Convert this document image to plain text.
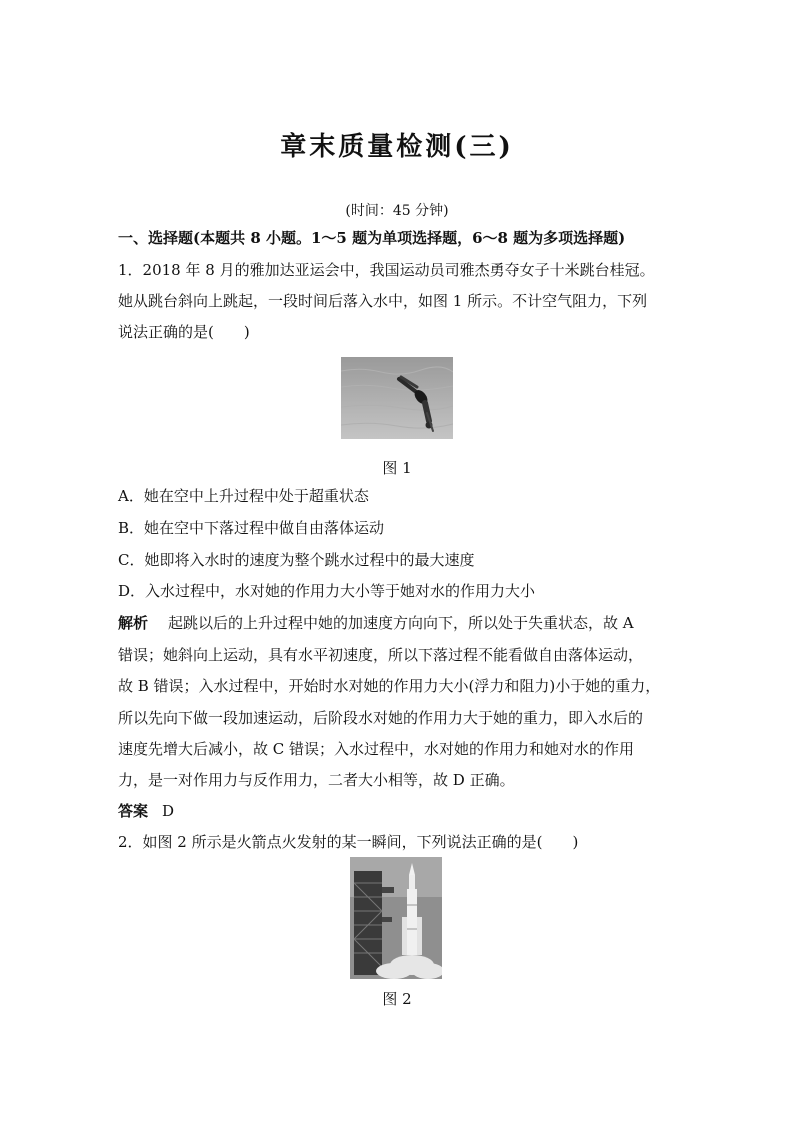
章末质量检测(三)
(时间：45 分钟)
一、选择题(本题共 8 小题。1～5 题为单项选择题，6～8 题为多项选择题)
1．2018 年 8 月的雅加达亚运会中，我国运动员司雅杰勇夺女子十米跳台桂冠。
她从跳台斜向上跳起，一段时间后落入水中，如图 1 所示。不计空气阻力，下列
说法正确的是(　　)
图 1
A．她在空中上升过程中处于超重状态
B．她在空中下落过程中做自由落体运动
C．她即将入水时的速度为整个跳水过程中的最大速度
D．入水过程中，水对她的作用力大小等于她对水的作用力大小
解析 起跳以后的上升过程中她的加速度方向向下，所以处于失重状态，故 A
错误；她斜向上运动，具有水平初速度，所以下落过程不能看做自由落体运动，
故 B 错误；入水过程中，开始时水对她的作用力大小(浮力和阻力)小于她的重力，
所以先向下做一段加速运动，后阶段水对她的作用力大于她的重力，即入水后的
速度先增大后减小，故 C 错误；入水过程中，水对她的作用力和她对水的作用
力，是一对作用力与反作用力，二者大小相等，故 D 正确。
答案 D
2．如图 2 所示是火箭点火发射的某一瞬间，下列说法正确的是(　　)
图 2
